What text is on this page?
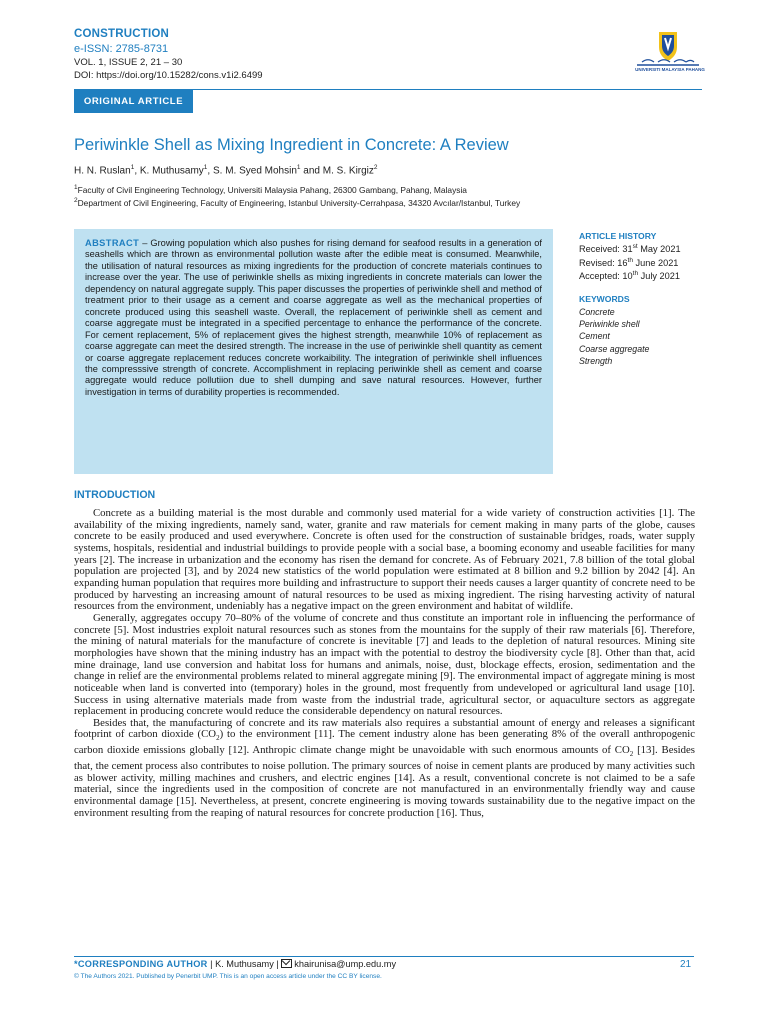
CONSTRUCTION
e-ISSN: 2785-8731
VOL. 1, ISSUE 2, 21 – 30
DOI: https://doi.org/10.15282/cons.v1i2.6499
UNIVERSITI MALAYSIA PAHANG
ORIGINAL ARTICLE
Periwinkle Shell as Mixing Ingredient in Concrete: A Review
H. N. Ruslan$^1$, K. Muthusamy$^1$, S. M. Syed Mohsin$^1$ and M. S. Kirgiz$^2$
$^1$Faculty of Civil Engineering Technology, Universiti Malaysia Pahang, 26300 Gambang, Pahang, Malaysia
$^2$Department of Civil Engineering, Faculty of Engineering, Istanbul University-Cerrahpasa, 34320 Avcılar/Istanbul, Turkey
ABSTRACT – Growing population which also pushes for rising demand for seafood results in a generation of seashells which are thrown as environmental pollution waste after the edible meat is consumed. Meanwhile, the utilisation of natural resources as mixing ingredients for the production of concrete materials continues to increase over the year. The use of periwinkle shells as mixing ingredients in concrete materials can lower the dependency on natural aggregate supply. This paper discusses the properties of periwinkle shell and method of treatment prior to their usage as a cement and coarse aggregate as well as the mechanical properties of concrete produced using this seashell waste. Overall, the replacement of periwinkle shell as cement and coarse aggregate must be integrated in a specified percentage to enhance the performance of the concrete. For cement replacement, 5% of replacement gives the highest strength, meanwhile 10% of replacement as coarse aggregate can meet the desired strength. The increase in the use of periwinkle shell quantity as cement or coarse aggregate replacement reduces concrete workaibility. The integration of periwinkle shell influences the compresssive strength of concrete. Accomplishment in replacing periwinkle shell as cement and coarse aggregate would reduce pollutiion due to shell dumping and save natural resources. However, further investigation in terms of durability properties is recommended.
ARTICLE HISTORY
Received: 31st May 2021
Revised: 16th June 2021
Accepted: 10th July 2021
KEYWORDS
Concrete
Periwinkle shell
Cement
Coarse aggregate
Strength
INTRODUCTION

Concrete as a building material is the most durable and commonly used material for a wide variety of construction activities [1]. The availability of the mixing ingredients, namely sand, water, granite and raw materials for cement making in many parts of the globe, causes concrete to be easily produced and used everywhere. Concrete is often used for the construction of sustainable bridges, roads, water supply systems, hospitals, residential and industrial buildings to provide people with a social base, a booming economy and useable facilities for many years [2]. The increase in urbanization and the economy has risen the demand for concrete. As of February 2021, 7.8 billion of the total global population are projected [3], and by 2024 new statistics of the world population were estimated at 8 billion and 9.2 billion by 2042 [4]. An expanding human population that requires more building and infrastructure to support their needs causes a larger quantity of concrete need to be produced by harvesting an increasing amount of natural resources to be used as mixing ingredient. The rising harvesting activity of natural resources from the environment, undeniably has a negative impact on the green environment and habitat of wildlife.

Generally, aggregates occupy 70–80% of the volume of concrete and thus constitute an important role in influencing the performance of concrete [5]. Most industries exploit natural resources such as stones from the mountains for the supply of their raw materials [6]. Therefore, the mining of natural materials for the manufacture of concrete is inevitable [7] and leads to the depletion of natural resources. Mining site morphologies have shown that the mining industry has an impact with the potential to destroy the biodiversity cycle [8]. Other than that, acid mine drainage, land use conversion and habitat loss for humans and animals, noise, dust, blockage effects, erosion, sedimentation and the change in relief are the environmental problems related to mineral aggregate mining [9]. The environmental impact of aggregate mining is most noticeable when land is converted into (temporary) holes in the ground, most frequently from undeveloped or agricultural land usage [10]. Success in using alternative materials made from waste from the industrial trade, agricultural sector, or aquaculture sectors as aggregate replacement in producing concrete would reduce the considerable dependency on natural resources.

Besides that, the manufacturing of concrete and its raw materials also requires a substantial amount of energy and releases a significant footprint of carbon dioxide $(CO_2)$ to the environment [11]. The cement industry alone has been generating 8% of the overall anthropogenic carbon dioxide emissions globally [12]. Anthropic climate change might be unavoidable with such enormous amounts of $CO_2$ [13]. Besides that, the cement process also contributes to noise pollution. The primary sources of noise in cement plants are produced by many activities such as blower activity, milling machines and crushers, and electric engines [14]. As a result, conventional concrete is not claimed to be a safe material, since the ingredients used in the composition of concrete are not manufactured in an environmentally friendly way and cause environmental damage [15]. Nevertheless, at present, concrete engineering is moving towards sustainability due to the negative impact on the environment resulting from the reaping of natural resources for concrete production [16]. Thus,

*CORRESPONDING AUTHOR | K. Muthusamy | khairunisa@ump.edu.my	21
© The Authors 2021. Published by Penerbit UMP. This is an open access article under the CC BY license.
